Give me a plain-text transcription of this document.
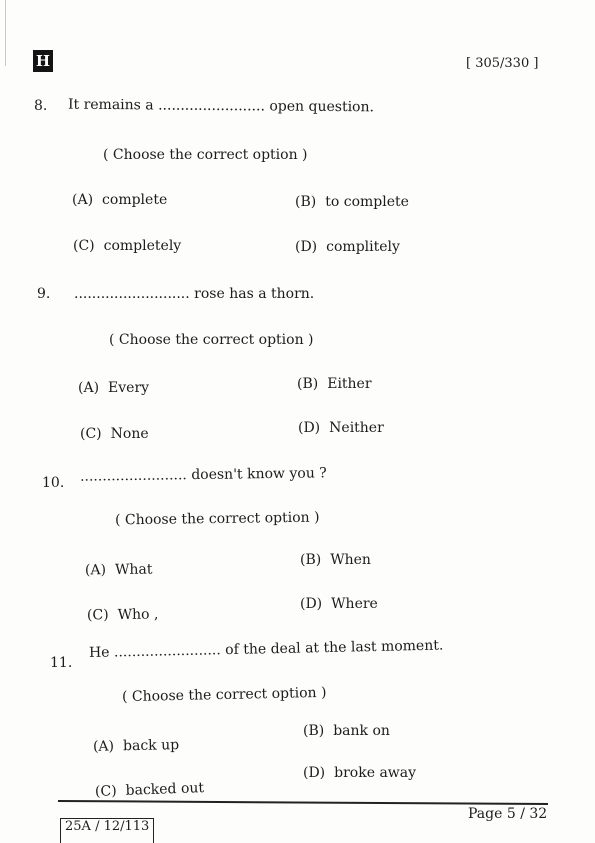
H	[ 305/330 ]
8. It remains a ........................ open question.
( Choose the correct option )
(A) complete	(B) to complete
(C) completely	(D) complitely
9. .......................... rose has a thorn.
( Choose the correct option )
(A) Every	(B) Either
(C) None	(D) Neither
10. ........................ doesn't know you ?
( Choose the correct option )
(A) What
(B) When
(C) Who ,
(D) Where
11.
He ........................ of the deal at the last moment.
( Choose the correct option )
(A) back up
(B) bank on
(C) backed out
(D) broke away
25A / 12/113
Page 5 / 32
